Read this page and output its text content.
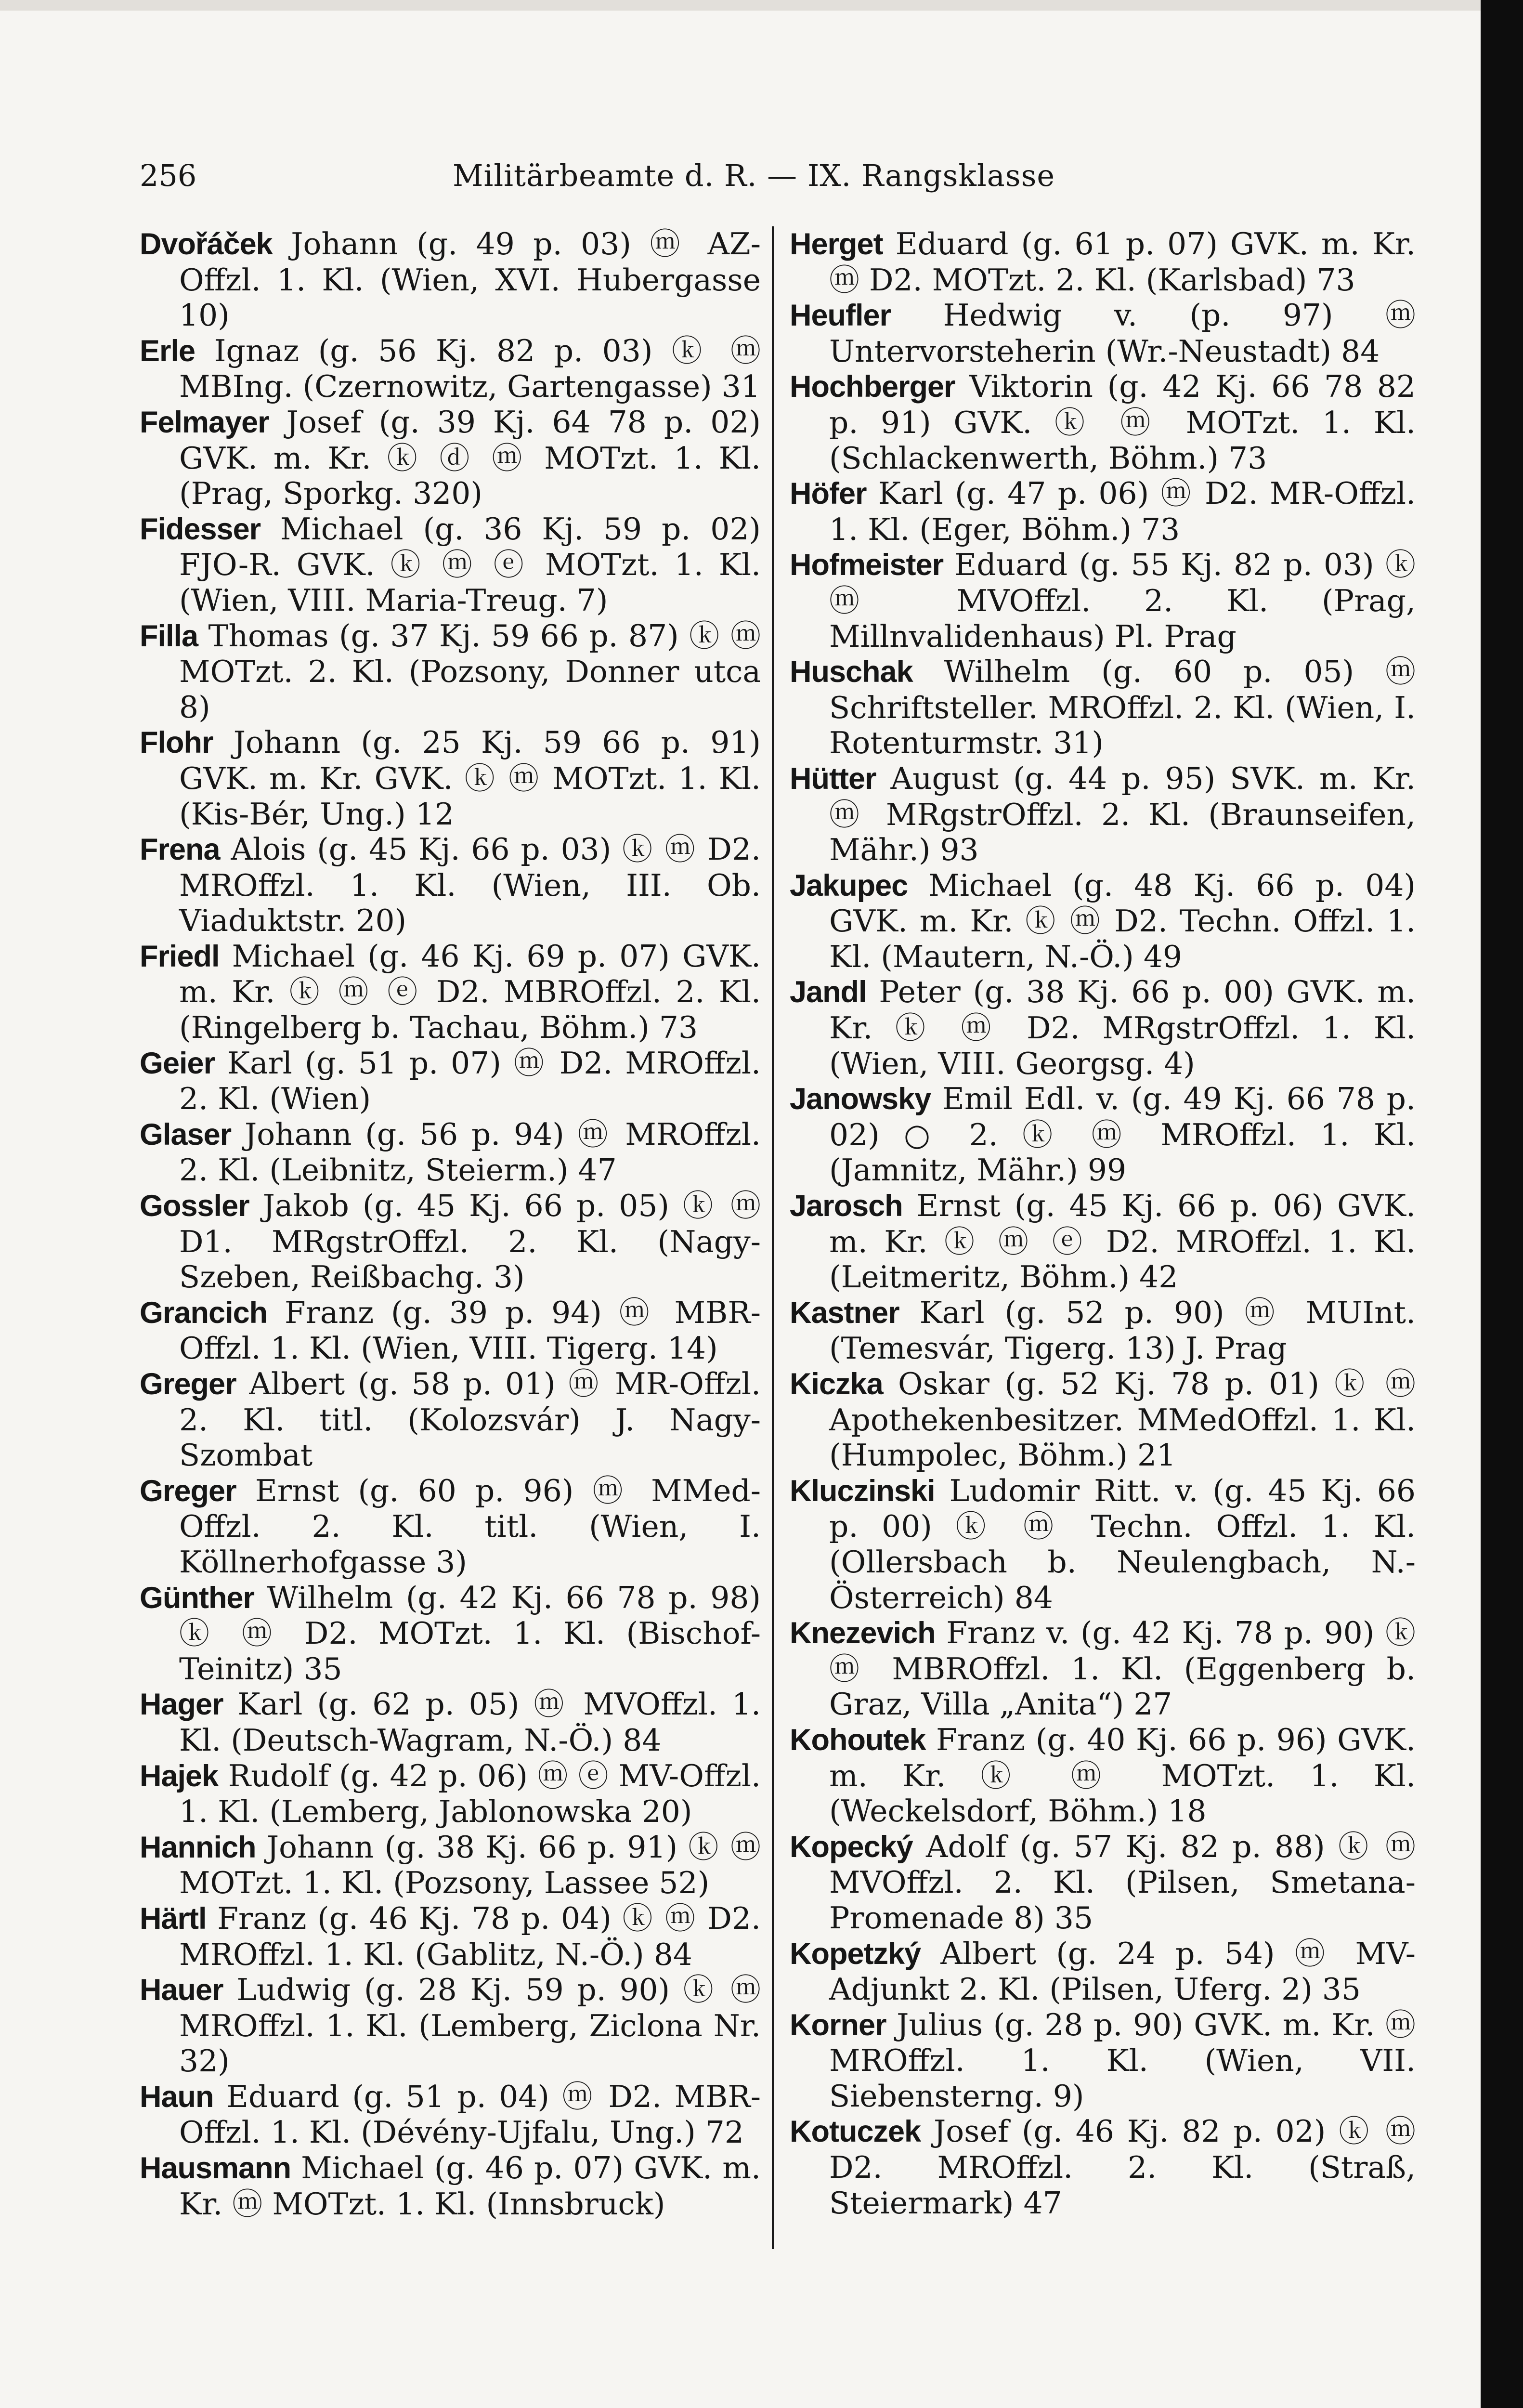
256	Militärbeamte d. R. — IX. Rangsklasse

Dvořáček Johann (g. 49 p. 03) ⓜ AZ-Offzl. 1. Kl. (Wien, XVI. Hubergasse 10)

Erle Ignaz (g. 56 Kj. 82 p. 03) ⓚ ⓜ MBIng. (Czernowitz, Gartengasse) 31

Felmayer Josef (g. 39 Kj. 64 78 p. 02) GVK. m. Kr. ⓚ ⓓ ⓜ MOTzt. 1. Kl. (Prag, Sporkg. 320)

Fidesser Michael (g. 36 Kj. 59 p. 02) FJO-R. GVK. ⓚ ⓜ ⓔ MOTzt. 1. Kl. (Wien, VIII. Maria-Treug. 7)

Filla Thomas (g. 37 Kj. 59 66 p. 87) ⓚ ⓜ MOTzt. 2. Kl. (Pozsony, Donner utca 8)

Flohr Johann (g. 25 Kj. 59 66 p. 91) GVK. m. Kr. GVK. ⓚ ⓜ MOTzt. 1. Kl. (Kis-Bér, Ung.) 12

Frena Alois (g. 45 Kj. 66 p. 03) ⓚ ⓜ D2. MROffzl. 1. Kl. (Wien, III. Ob. Viaduktstr. 20)

Friedl Michael (g. 46 Kj. 69 p. 07) GVK. m. Kr. ⓚ ⓜ ⓔ D2. MBROffzl. 2. Kl. (Ringelberg b. Tachau, Böhm.) 73

Geier Karl (g. 51 p. 07) ⓜ D2. MROffzl. 2. Kl. (Wien)

Glaser Johann (g. 56 p. 94) ⓜ MROffzl. 2. Kl. (Leibnitz, Steierm.) 47

Gossler Jakob (g. 45 Kj. 66 p. 05) ⓚ ⓜ D1. MRgstrOffzl. 2. Kl. (Nagy-Szeben, Reißbachg. 3)

Grancich Franz (g. 39 p. 94) ⓜ MBR-Offzl. 1. Kl. (Wien, VIII. Tigerg. 14)

Greger Albert (g. 58 p. 01) ⓜ MR-Offzl. 2. Kl. titl. (Kolozsvár) J. Nagy-Szombat

Greger Ernst (g. 60 p. 96) ⓜ MMed-Offzl. 2. Kl. titl. (Wien, I. Köllnerhofgasse 3)

Günther Wilhelm (g. 42 Kj. 66 78 p. 98) ⓚ ⓜ D2. MOTzt. 1. Kl. (Bischof-Teinitz) 35

Hager Karl (g. 62 p. 05) ⓜ MVOffzl. 1. Kl. (Deutsch-Wagram, N.-Ö.) 84

Hajek Rudolf (g. 42 p. 06) ⓜ ⓔ MV-Offzl. 1. Kl. (Lemberg, Jablonowska 20)

Hannich Johann (g. 38 Kj. 66 p. 91) ⓚ ⓜ MOTzt. 1. Kl. (Pozsony, Lassee 52)

Härtl Franz (g. 46 Kj. 78 p. 04) ⓚ ⓜ D2. MROffzl. 1. Kl. (Gablitz, N.-Ö.) 84

Hauer Ludwig (g. 28 Kj. 59 p. 90) ⓚ ⓜ MROffzl. 1. Kl. (Lemberg, Ziclona Nr. 32)

Haun Eduard (g. 51 p. 04) ⓜ D2. MBR-Offzl. 1. Kl. (Dévény-Ujfalu, Ung.) 72

Hausmann Michael (g. 46 p. 07) GVK. m. Kr. ⓜ MOTzt. 1. Kl. (Innsbruck)

Herget Eduard (g. 61 p. 07) GVK. m. Kr. ⓜ D2. MOTzt. 2. Kl. (Karlsbad) 73

Heufler Hedwig v. (p. 97) ⓜ Untervorsteherin (Wr.-Neustadt) 84

Hochberger Viktorin (g. 42 Kj. 66 78 82 p. 91) GVK. ⓚ ⓜ MOTzt. 1. Kl. (Schlackenwerth, Böhm.) 73

Höfer Karl (g. 47 p. 06) ⓜ D2. MR-Offzl. 1. Kl. (Eger, Böhm.) 73

Hofmeister Eduard (g. 55 Kj. 82 p. 03) ⓚ ⓜ MVOffzl. 2. Kl. (Prag, Millnvalidenhaus) Pl. Prag

Huschak Wilhelm (g. 60 p. 05) ⓜ Schriftsteller. MROffzl. 2. Kl. (Wien, I. Rotenturmstr. 31)

Hütter August (g. 44 p. 95) SVK. m. Kr. ⓜ MRgstrOffzl. 2. Kl. (Braunseifen, Mähr.) 93

Jakupec Michael (g. 48 Kj. 66 p. 04) GVK. m. Kr. ⓚ ⓜ D2. Techn. Offzl. 1. Kl. (Mautern, N.-Ö.) 49

Jandl Peter (g. 38 Kj. 66 p. 00) GVK. m. Kr. ⓚ ⓜ D2. MRgstrOffzl. 1. Kl. (Wien, VIII. Georgsg. 4)

Janowsky Emil Edl. v. (g. 49 Kj. 66 78 p. 02) ○ 2. ⓚ ⓜ MROffzl. 1. Kl. (Jamnitz, Mähr.) 99

Jarosch Ernst (g. 45 Kj. 66 p. 06) GVK. m. Kr. ⓚ ⓜ ⓔ D2. MROffzl. 1. Kl. (Leitmeritz, Böhm.) 42

Kastner Karl (g. 52 p. 90) ⓜ MUInt. (Temesvár, Tigerg. 13) J. Prag

Kiczka Oskar (g. 52 Kj. 78 p. 01) ⓚ ⓜ Apothekenbesitzer. MMedOffzl. 1. Kl. (Humpolec, Böhm.) 21

Kluczinski Ludomir Ritt. v. (g. 45 Kj. 66 p. 00) ⓚ ⓜ Techn. Offzl. 1. Kl. (Ollersbach b. Neulengbach, N.-Österreich) 84

Knezevich Franz v. (g. 42 Kj. 78 p. 90) ⓚ ⓜ MBROffzl. 1. Kl. (Eggenberg b. Graz, Villa „Anita“) 27

Kohoutek Franz (g. 40 Kj. 66 p. 96) GVK. m. Kr. ⓚ ⓜ MOTzt. 1. Kl. (Weckelsdorf, Böhm.) 18

Kopecký Adolf (g. 57 Kj. 82 p. 88) ⓚ ⓜ MVOffzl. 2. Kl. (Pilsen, Smetana-Promenade 8) 35

Kopetzký Albert (g. 24 p. 54) ⓜ MV-Adjunkt 2. Kl. (Pilsen, Uferg. 2) 35

Korner Julius (g. 28 p. 90) GVK. m. Kr. ⓜ MROffzl. 1. Kl. (Wien, VII. Siebensterng. 9)

Kotuczek Josef (g. 46 Kj. 82 p. 02) ⓚ ⓜ D2. MROffzl. 2. Kl. (Straß, Steiermark) 47
